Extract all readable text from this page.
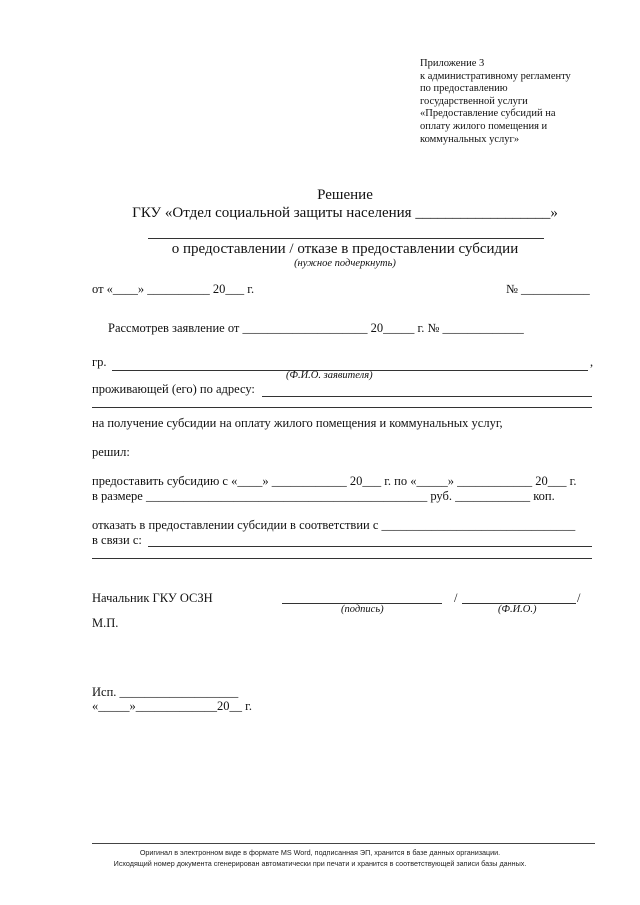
Приложение 3
к административному регламенту
по предоставлению
государственной услуги
«Предоставление субсидий на
оплату жилого помещения и
коммунальных услуг»
Решение
ГКУ «Отдел социальной защиты населения __________________»
о предоставлении / отказе в предоставлении субсидии
(нужное подчеркнуть)
от «____» __________ 20___ г.	№ ___________
Рассмотрев заявление от ____________________ 20_____ г. № _____________
гр.	,
(Ф.И.О. заявителя)
проживающей (его) по адресу:
на получение субсидии на оплату жилого помещения и коммунальных услуг,
решил:
предоставить субсидию с «____» ____________ 20___ г. по «_____» ____________ 20___ г.
в размере _____________________________________________ руб. ____________ коп.
отказать в предоставлении субсидии в соответствии с _______________________________
в связи с:
Начальник ГКУ ОСЗН	/	/
(подпись)	(Ф.И.О.)
М.П.
Исп. ___________________
«_____»_____________20__ г.
Оригинал в электронном виде в формате MS Word, подписанная ЭП, хранится в базе данных организации.
Исходящий номер документа сгенерирован автоматически при печати и хранится в соответствующей записи базы данных.
